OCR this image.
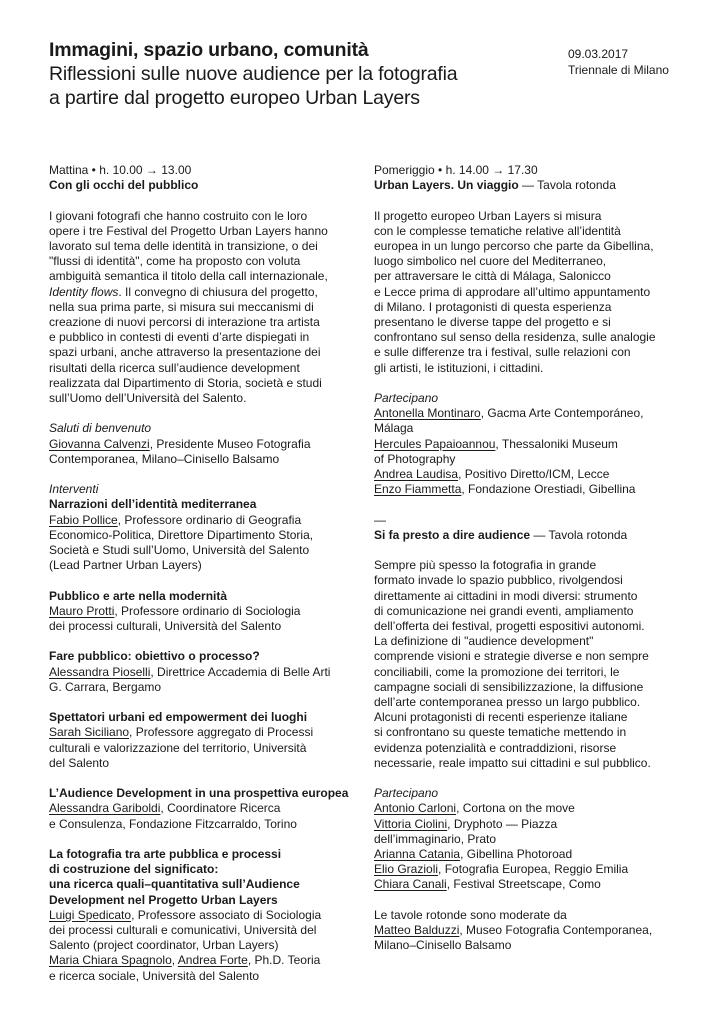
Immagini, spazio urbano, comunità
Riflessioni sulle nuove audience per la fotografia
a partire dal progetto europeo Urban Layers
09.03.2017
Triennale di Milano
Mattina • h. 10.00 → 13.00
Con gli occhi del pubblico
I giovani fotografi che hanno costruito con le loro
opere i tre Festival del Progetto Urban Layers hanno
lavorato sul tema delle identità in transizione, o dei
"flussi di identità", come ha proposto con voluta
ambiguità semantica il titolo della call internazionale,
Identity flows. Il convegno di chiusura del progetto,
nella sua prima parte, si misura sui meccanismi di
creazione di nuovi percorsi di interazione tra artista
e pubblico in contesti di eventi d’arte dispiegati in
spazi urbani, anche attraverso la presentazione dei
risultati della ricerca sull’audience development
realizzata dal Dipartimento di Storia, società e studi
sull’Uomo dell’Università del Salento.
Saluti di benvenuto
Giovanna Calvenzi, Presidente Museo Fotografia
Contemporanea, Milano–Cinisello Balsamo
Interventi
Narrazioni dell’identità mediterranea
Fabio Pollice, Professore ordinario di Geografia
Economico-Politica, Direttore Dipartimento Storia,
Società e Studi sull’Uomo, Università del Salento
(Lead Partner Urban Layers)
Pubblico e arte nella modernità
Mauro Protti, Professore ordinario di Sociologia
dei processi culturali, Università del Salento
Fare pubblico: obiettivo o processo?
Alessandra Pioselli, Direttrice Accademia di Belle Arti
G. Carrara, Bergamo
Spettatori urbani ed empowerment dei luoghi
Sarah Siciliano, Professore aggregato di Processi
culturali e valorizzazione del territorio, Università
del Salento
L’Audience Development in una prospettiva europea
Alessandra Gariboldi, Coordinatore Ricerca
e Consulenza, Fondazione Fitzcarraldo, Torino
La fotografia tra arte pubblica e processi
di costruzione del significato:
una ricerca quali–quantitativa sull’Audience
Development nel Progetto Urban Layers
Luigi Spedicato, Professore associato di Sociologia
dei processi culturali e comunicativi, Università del
Salento (project coordinator, Urban Layers)
Maria Chiara Spagnolo, Andrea Forte, Ph.D. Teoria
e ricerca sociale, Università del Salento
Pomeriggio • h. 14.00 → 17.30
Urban Layers. Un viaggio — Tavola rotonda
Il progetto europeo Urban Layers si misura
con le complesse tematiche relative all’identità
europea in un lungo percorso che parte da Gibellina,
luogo simbolico nel cuore del Mediterraneo,
per attraversare le città di Málaga, Salonicco
e Lecce prima di approdare all’ultimo appuntamento
di Milano. I protagonisti di questa esperienza
presentano le diverse tappe del progetto e si
confrontano sul senso della residenza, sulle analogie
e sulle differenze tra i festival, sulle relazioni con
gli artisti, le istituzioni, i cittadini.
Partecipano
Antonella Montinaro, Gacma Arte Contemporáneo,
Málaga
Hercules Papaioannou, Thessaloniki Museum
of Photography
Andrea Laudisa, Positivo Diretto/ICM, Lecce
Enzo Fiammetta, Fondazione Orestiadi, Gibellina
—
Si fa presto a dire audience — Tavola rotonda
Sempre più spesso la fotografia in grande
formato invade lo spazio pubblico, rivolgendosi
direttamente ai cittadini in modi diversi: strumento
di comunicazione nei grandi eventi, ampliamento
dell’offerta dei festival, progetti espositivi autonomi.
La definizione di "audience development"
comprende visioni e strategie diverse e non sempre
conciliabili, come la promozione dei territori, le
campagne sociali di sensibilizzazione, la diffusione
dell’arte contemporanea presso un largo pubblico.
Alcuni protagonisti di recenti esperienze italiane
si confrontano su queste tematiche mettendo in
evidenza potenzialità e contraddizioni, risorse
necessarie, reale impatto sui cittadini e sul pubblico.
Partecipano
Antonio Carloni, Cortona on the move
Vittoria Ciolini, Dryphoto — Piazza
dell’immaginario, Prato
Arianna Catania, Gibellina Photoroad
Elio Grazioli, Fotografia Europea, Reggio Emilia
Chiara Canali, Festival Streetscape, Como
Le tavole rotonde sono moderate da
Matteo Balduzzi, Museo Fotografia Contemporanea,
Milano–Cinisello Balsamo
